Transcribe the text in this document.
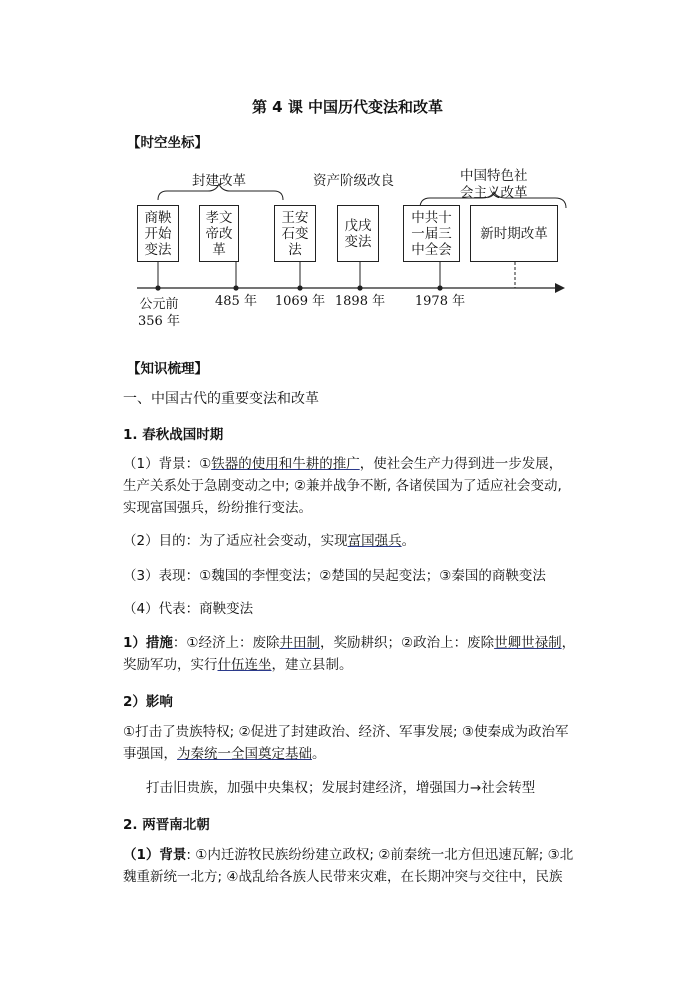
第 4 课 中国历代变法和改革
【时空坐标】
封建改革	资产阶级改良	中国特色社
会主义改革
商鞅
开始
变法
孝文
帝改
革
王安
石变
法
戊戌
变法
中共十
一届三
中全会
新时期改革
公元前
356 年
485 年	1069 年 1898 年	1978 年
【知识梳理】
一、中国古代的重要变法和改革
1. 春秋战国时期
（1）背景：①铁器的使用和牛耕的推广，使社会生产力得到进一步发展，
生产关系处于急剧变动之中; ②兼并战争不断, 各诸侯国为了适应社会变动,
实现富国强兵，纷纷推行变法。
（2）目的：为了适应社会变动，实现富国强兵。
（3）表现：①魏国的李悝变法；②楚国的吴起变法；③秦国的商鞅变法
（4）代表：商鞅变法
1）措施：①经济上：废除井田制，奖励耕织；②政治上：废除世卿世禄制，
奖励军功，实行什伍连坐，建立县制。
2）影响
①打击了贵族特权; ②促进了封建政治、经济、军事发展; ③使秦成为政治军
事强国，为秦统一全国奠定基础。
打击旧贵族，加强中央集权；发展封建经济，增强国力→社会转型
2. 两晋南北朝
（1）背景: ①内迁游牧民族纷纷建立政权; ②前秦统一北方但迅速瓦解; ③北
魏重新统一北方; ④战乱给各族人民带来灾难，在长期冲突与交往中，民族
